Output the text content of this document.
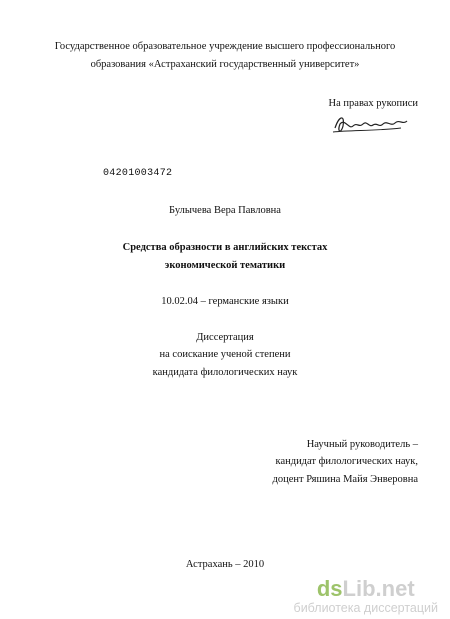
Государственное образовательное учреждение высшего профессионального
образования «Астраханский государственный университет»
На правах рукописи
04201003472
Булычева Вера Павловна
Средства образности в английских текстах
экономической тематики
10.02.04 – германские языки
Диссертация
на соискание ученой степени
кандидата филологических наук
Научный руководитель –
кандидат филологических наук,
доцент Ряшина Майя Энверовна
Астрахань – 2010
dsLib.net
библиотека диссертаций
